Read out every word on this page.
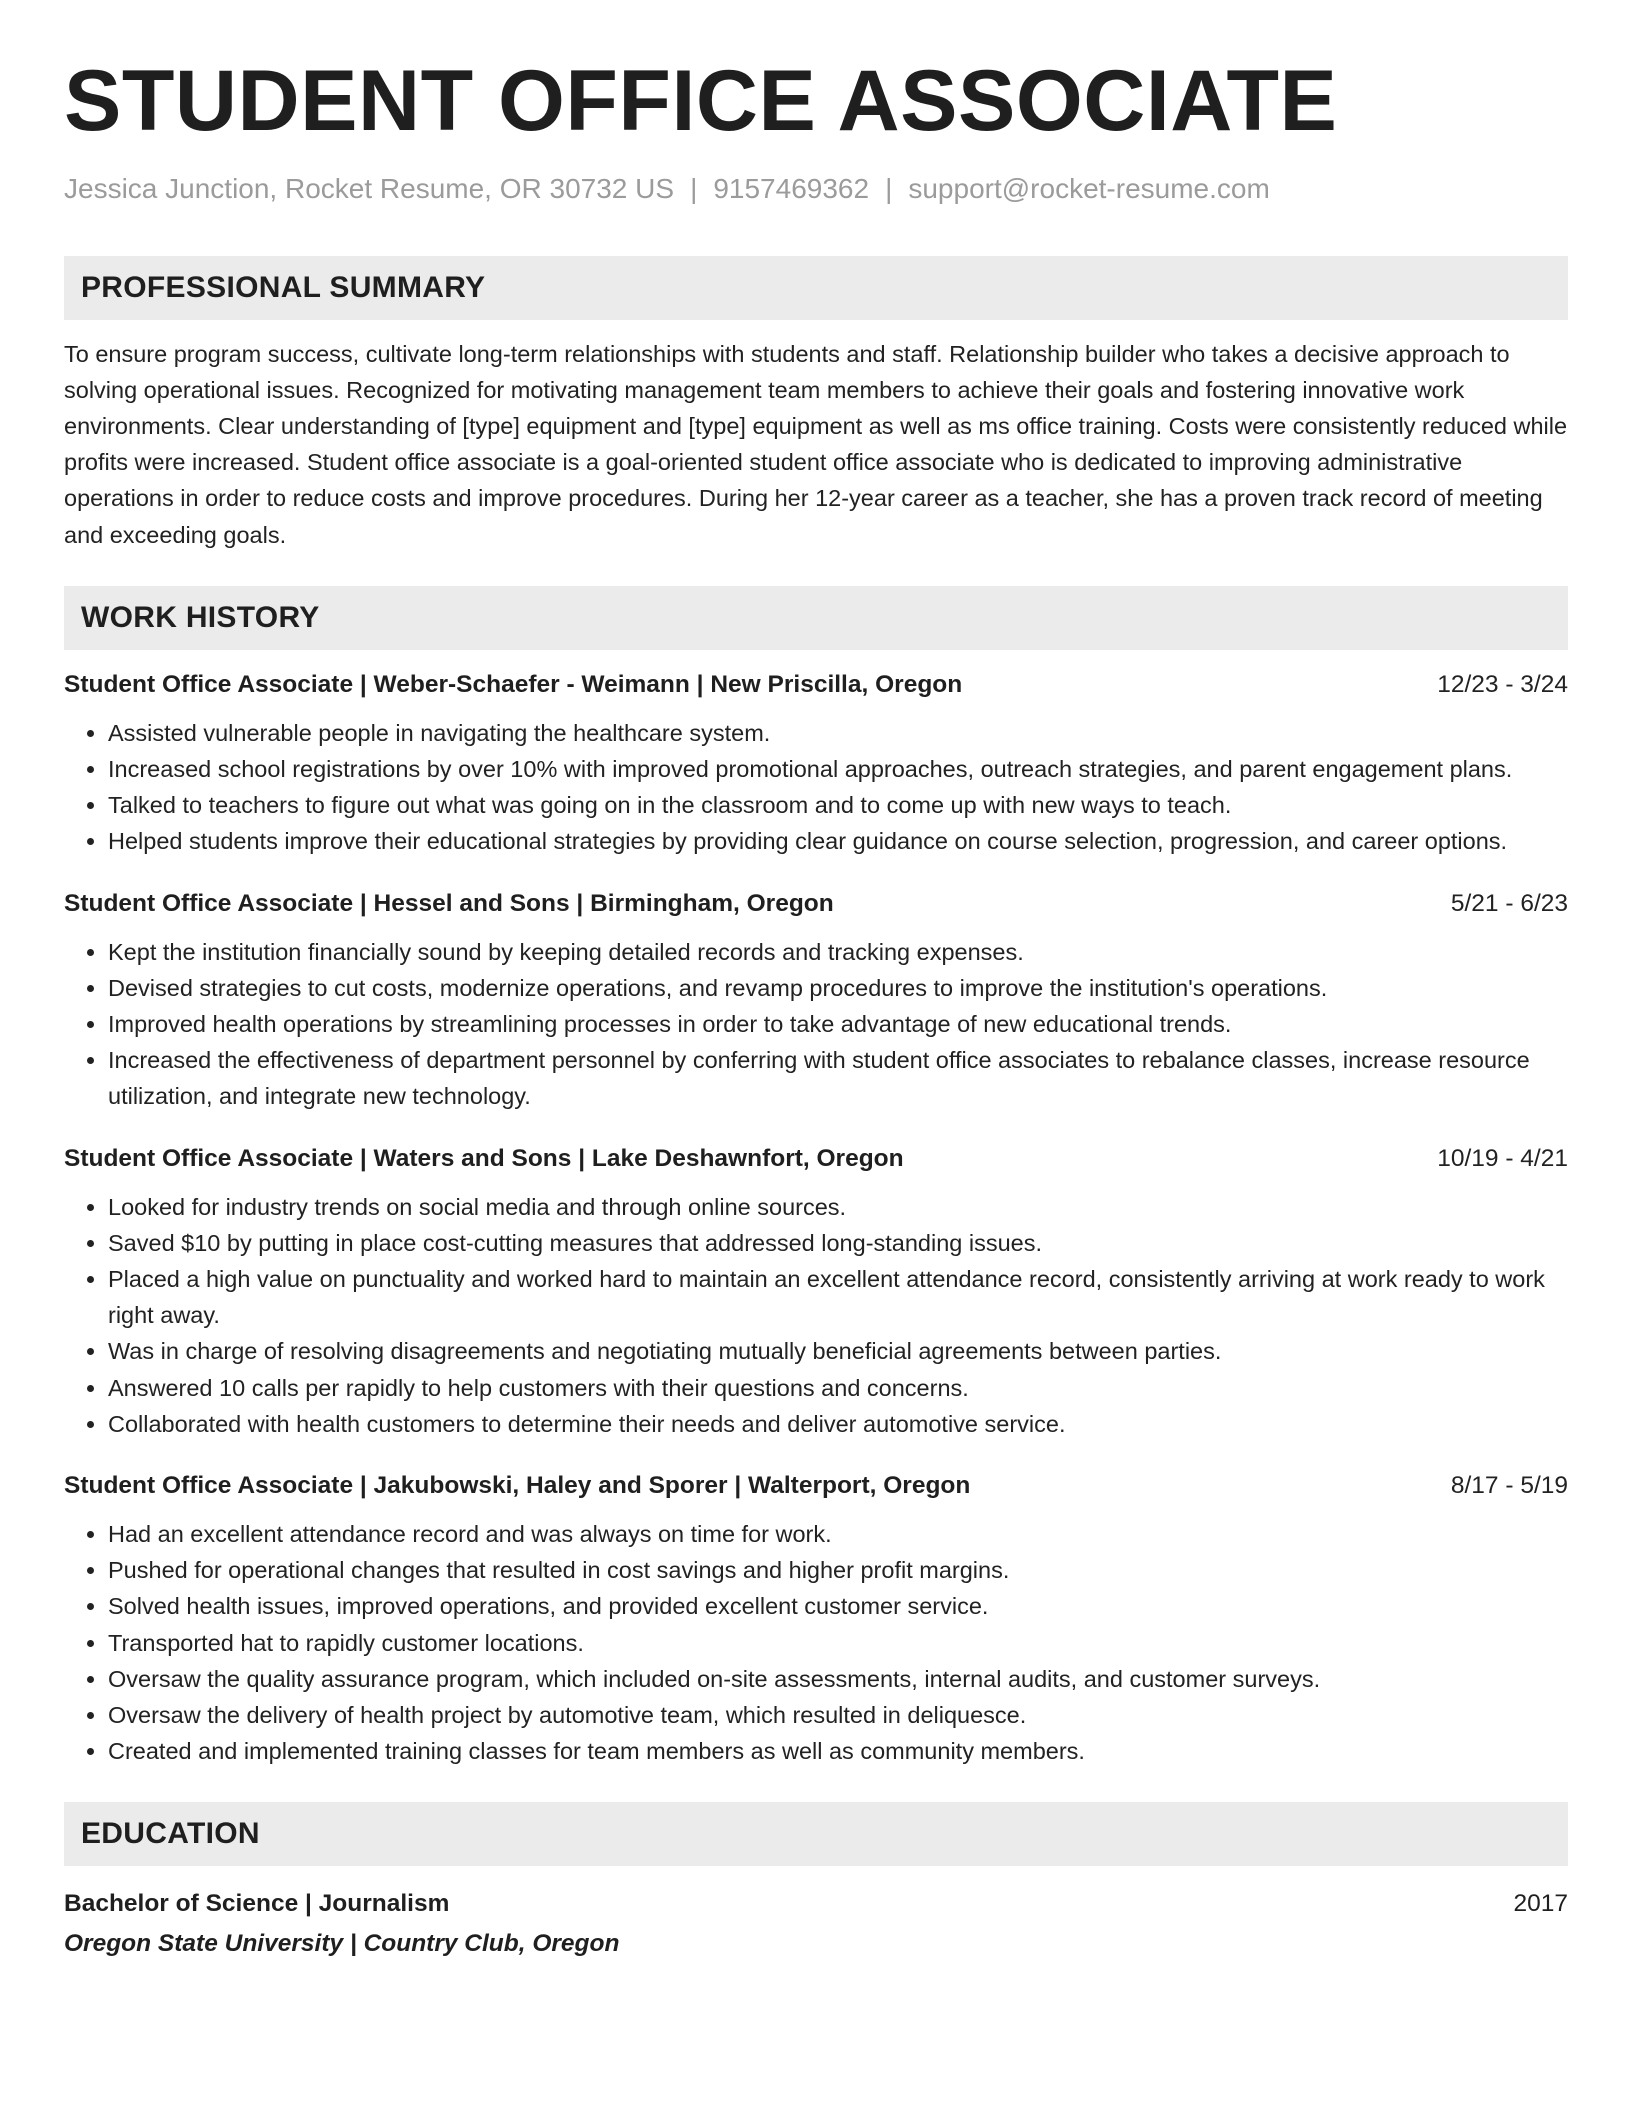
STUDENT OFFICE ASSOCIATE
Jessica Junction, Rocket Resume, OR 30732 US | 9157469362 | support@rocket-resume.com
PROFESSIONAL SUMMARY
To ensure program success, cultivate long-term relationships with students and staff. Relationship builder who takes a decisive approach to solving operational issues. Recognized for motivating management team members to achieve their goals and fostering innovative work environments. Clear understanding of [type] equipment and [type] equipment as well as ms office training. Costs were consistently reduced while profits were increased. Student office associate is a goal-oriented student office associate who is dedicated to improving administrative operations in order to reduce costs and improve procedures. During her 12-year career as a teacher, she has a proven track record of meeting and exceeding goals.
WORK HISTORY
Student Office Associate | Weber-Schaefer - Weimann | New Priscilla, Oregon	12/23 - 3/24
• Assisted vulnerable people in navigating the healthcare system.
• Increased school registrations by over 10% with improved promotional approaches, outreach strategies, and parent engagement plans.
• Talked to teachers to figure out what was going on in the classroom and to come up with new ways to teach.
• Helped students improve their educational strategies by providing clear guidance on course selection, progression, and career options.
Student Office Associate | Hessel and Sons | Birmingham, Oregon	5/21 - 6/23
• Kept the institution financially sound by keeping detailed records and tracking expenses.
• Devised strategies to cut costs, modernize operations, and revamp procedures to improve the institution's operations.
• Improved health operations by streamlining processes in order to take advantage of new educational trends.
• Increased the effectiveness of department personnel by conferring with student office associates to rebalance classes, increase resource utilization, and integrate new technology.
Student Office Associate | Waters and Sons | Lake Deshawnfort, Oregon	10/19 - 4/21
• Looked for industry trends on social media and through online sources.
• Saved $10 by putting in place cost-cutting measures that addressed long-standing issues.
• Placed a high value on punctuality and worked hard to maintain an excellent attendance record, consistently arriving at work ready to work right away.
• Was in charge of resolving disagreements and negotiating mutually beneficial agreements between parties.
• Answered 10 calls per rapidly to help customers with their questions and concerns.
• Collaborated with health customers to determine their needs and deliver automotive service.
Student Office Associate | Jakubowski, Haley and Sporer | Walterport, Oregon	8/17 - 5/19
• Had an excellent attendance record and was always on time for work.
• Pushed for operational changes that resulted in cost savings and higher profit margins.
• Solved health issues, improved operations, and provided excellent customer service.
• Transported hat to rapidly customer locations.
• Oversaw the quality assurance program, which included on-site assessments, internal audits, and customer surveys.
• Oversaw the delivery of health project by automotive team, which resulted in deliquesce.
• Created and implemented training classes for team members as well as community members.
EDUCATION
Bachelor of Science | Journalism	2017
Oregon State University | Country Club, Oregon
